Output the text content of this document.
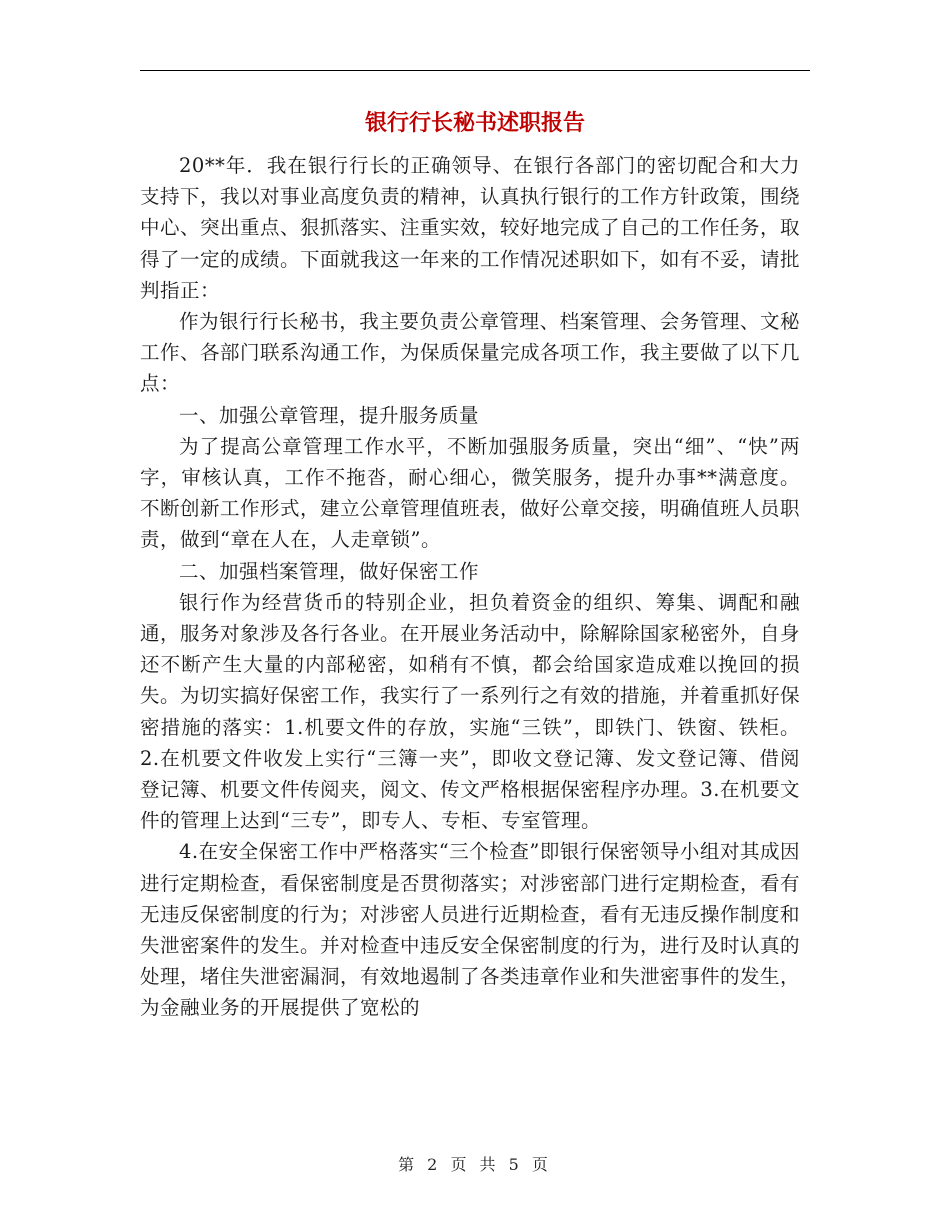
银行行长秘书述职报告

20**年．我在银行行长的正确领导、在银行各部门的密切配合和大力支持下，我以对事业高度负责的精神，认真执行银行的工作方针政策，围绕中心、突出重点、狠抓落实、注重实效，较好地完成了自己的工作任务，取得了一定的成绩。下面就我这一年来的工作情况述职如下，如有不妥，请批判指正：

作为银行行长秘书，我主要负责公章管理、档案管理、会务管理、文秘工作、各部门联系沟通工作，为保质保量完成各项工作，我主要做了以下几点：

一、加强公章管理，提升服务质量

为了提高公章管理工作水平，不断加强服务质量，突出“细”、“快”两字，审核认真，工作不拖沓，耐心细心，微笑服务，提升办事**满意度。不断创新工作形式，建立公章管理值班表，做好公章交接，明确值班人员职责，做到“章在人在，人走章锁”。

二、加强档案管理，做好保密工作

银行作为经营货币的特别企业，担负着资金的组织、筹集、调配和融通，服务对象涉及各行各业。在开展业务活动中，除解除国家秘密外，自身还不断产生大量的内部秘密，如稍有不慎，都会给国家造成难以挽回的损失。为切实搞好保密工作，我实行了一系列行之有效的措施，并着重抓好保密措施的落实：1.机要文件的存放，实施“三铁”，即铁门、铁窗、铁柜。2.在机要文件收发上实行“三簿一夹”，即收文登记簿、发文登记簿、借阅登记簿、机要文件传阅夹，阅文、传文严格根据保密程序办理。3.在机要文件的管理上达到“三专”，即专人、专柜、专室管理。

4.在安全保密工作中严格落实“三个检查”即银行保密领导小组对其成因进行定期检查，看保密制度是否贯彻落实；对涉密部门进行定期检查，看有无违反保密制度的行为；对涉密人员进行近期检查，看有无违反操作制度和失泄密案件的发生。并对检查中违反安全保密制度的行为，进行及时认真的处理，堵住失泄密漏洞，有效地遏制了各类违章作业和失泄密事件的发生，为金融业务的开展提供了宽松的

第 2 页 共 5 页
